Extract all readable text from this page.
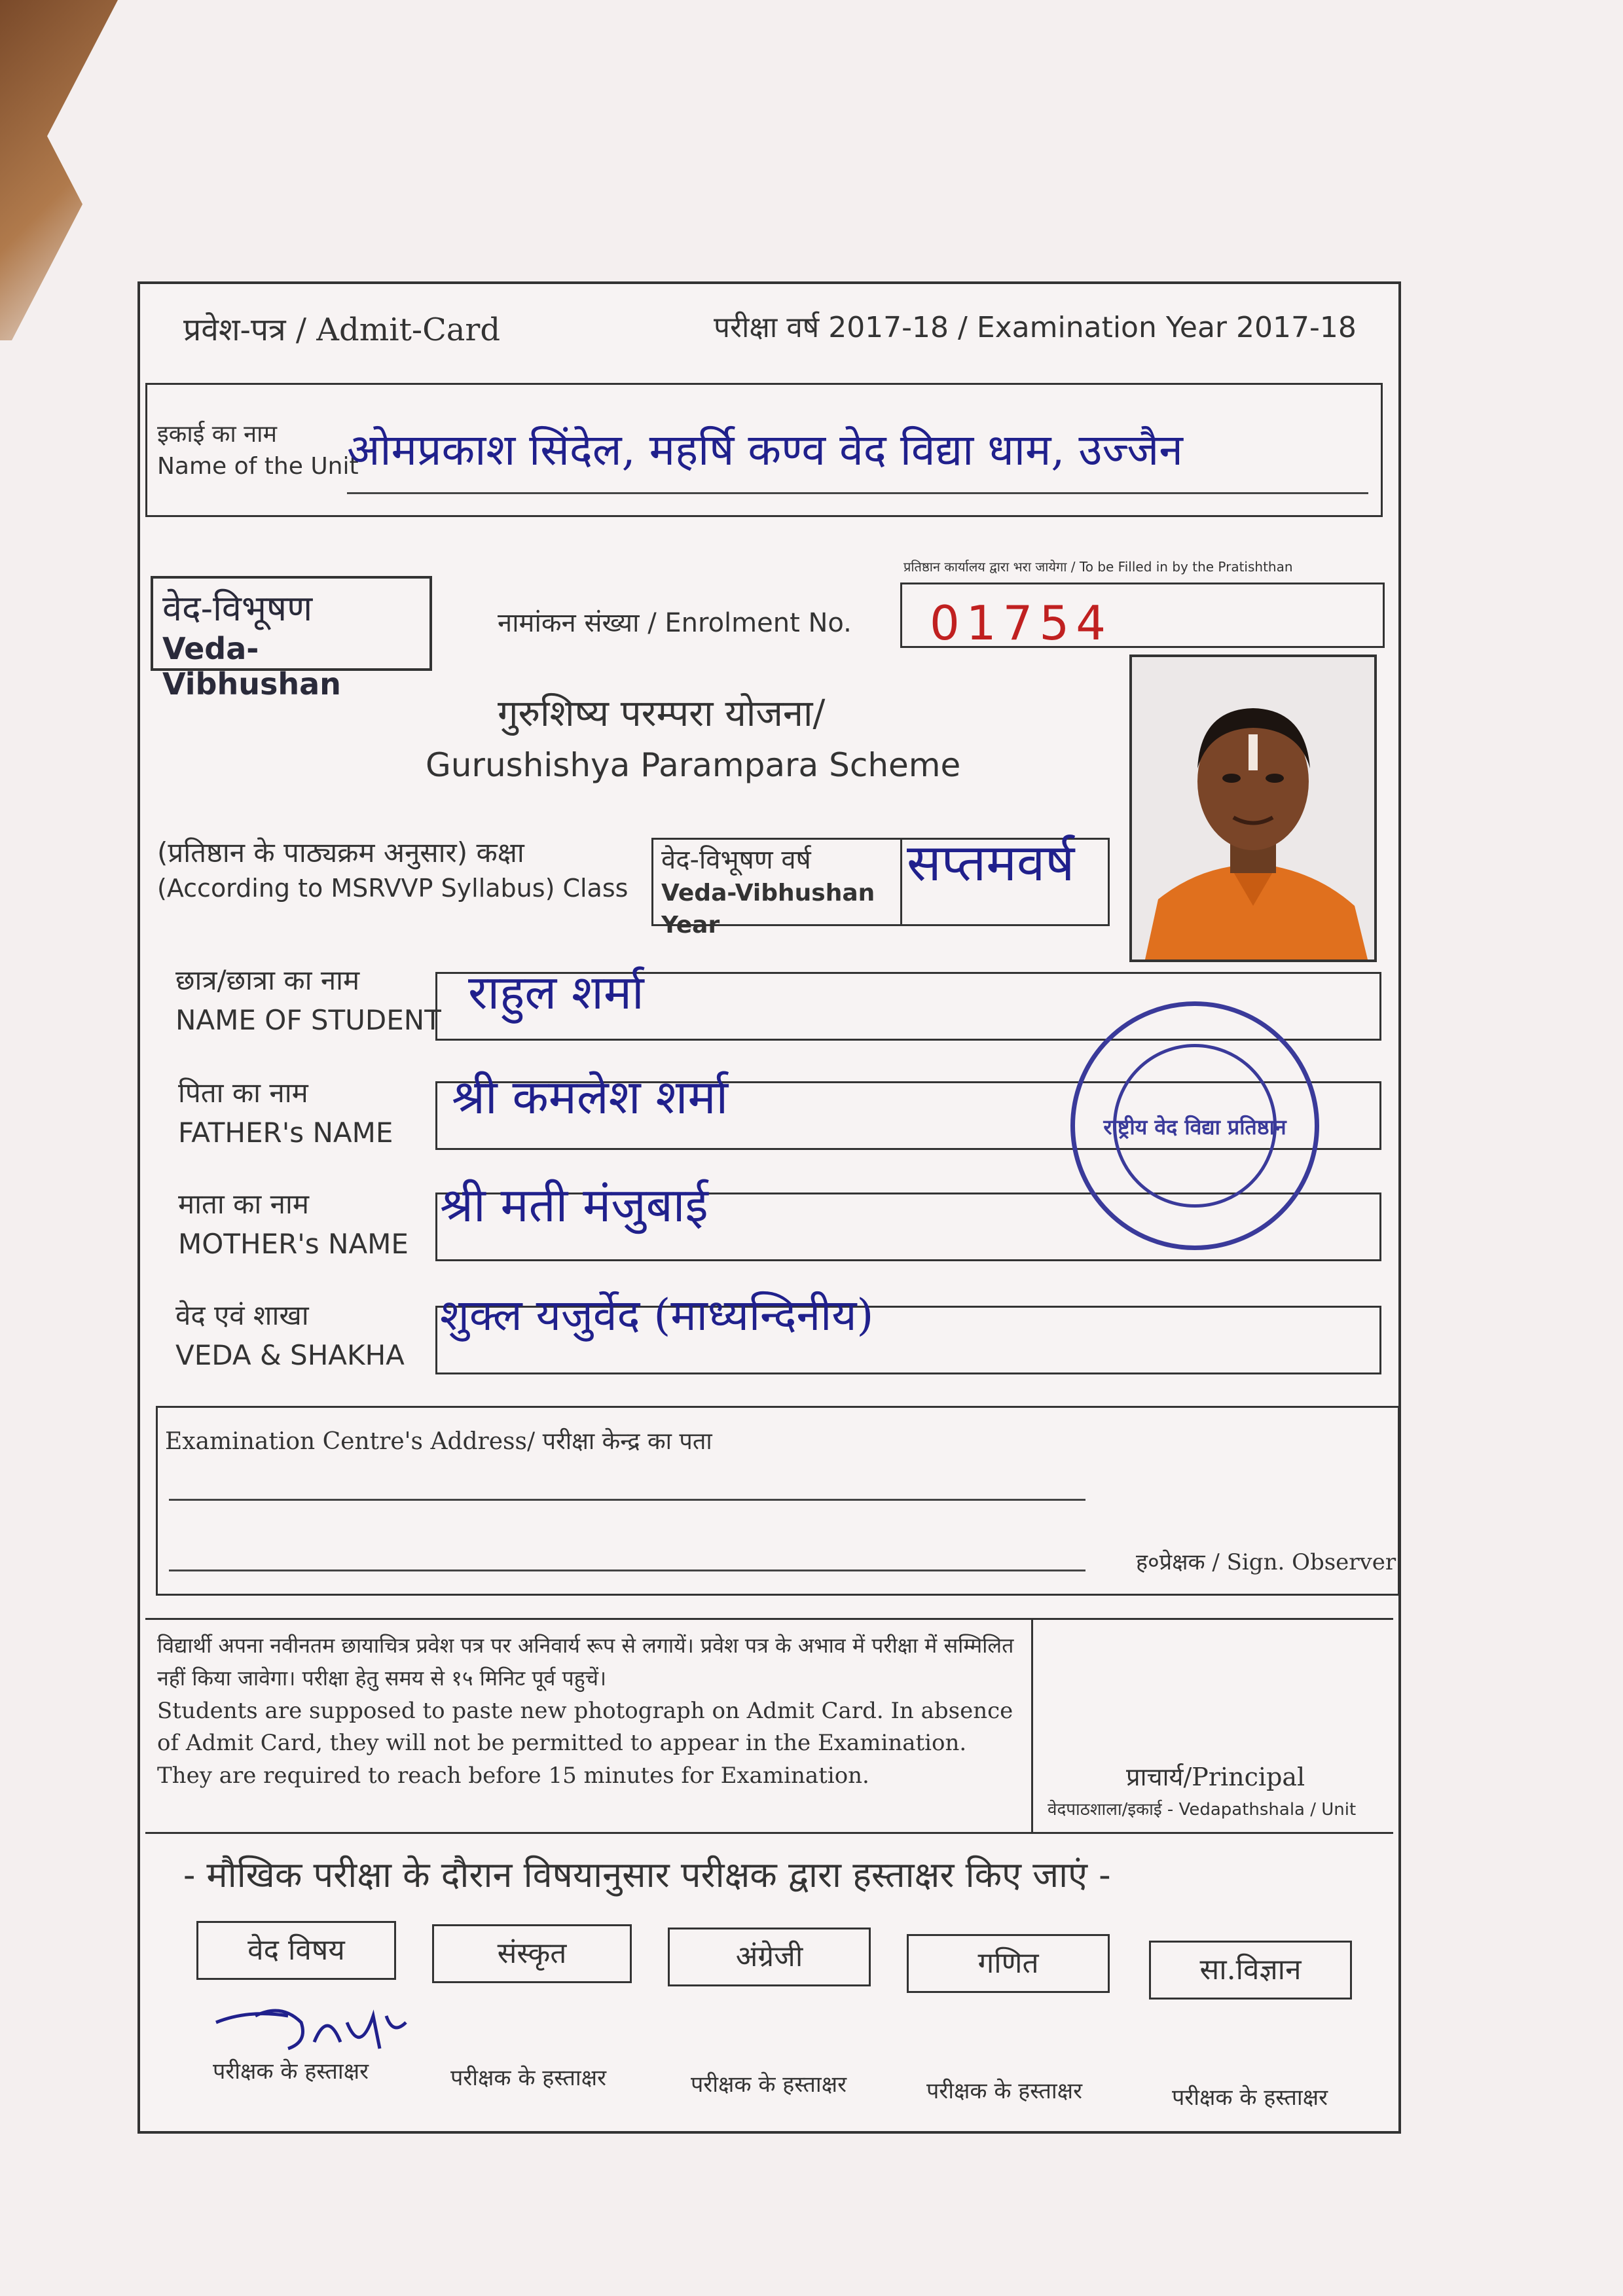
प्रवेश-पत्र / Admit-Card	परीक्षा वर्ष 2017-18 / Examination Year 2017-18
इकाई का नाम
Name of the Unit
ओमप्रकाश सिंदेल, महर्षि कण्व वेद विद्या धाम, उज्जैन
वेद-विभूषण
Veda-Vibhushan
प्रतिष्ठान कार्यालय द्वारा भरा जायेगा / To be Filled in by the Pratishthan
नामांकन संख्या / Enrolment No. 01754
गुरुशिष्य परम्परा योजना/
Gurushishya Parampara Scheme
(प्रतिष्ठान के पाठ्यक्रम अनुसार) कक्षा
(According to MSRVVP Syllabus) Class
वेद-विभूषण वर्ष
Veda-Vibhushan Year
सप्तमवर्ष
छात्र/छात्रा का नाम
NAME OF STUDENT
राहुल शर्मा
पिता का नाम
FATHER's NAME
श्री कमलेश शर्मा
माता का नाम
MOTHER's NAME
श्री मती मंजुबाई
वेद एवं शाखा
VEDA & SHAKHA
शुक्ल यजुर्वेद (माध्यन्दिनीय)
राष्ट्रीय वेद विद्या प्रतिष्ठान
Examination Centre's Address/ परीक्षा केन्द्र का पता
ह०प्रेक्षक / Sign. Observer
विद्यार्थी अपना नवीनतम छायाचित्र प्रवेश पत्र पर अनिवार्य रूप से लगायें। प्रवेश पत्र के अभाव में परीक्षा में सम्मिलित नहीं किया जावेगा। परीक्षा हेतु समय से १५ मिनिट पूर्व पहुचें।
Students are supposed to paste new photograph on Admit Card. In absence of Admit Card, they will not be permitted to appear in the Examination. They are required to reach before 15 minutes for Examination.	प्राचार्य/Principal
वेदपाठशाला/इकाई - Vedapathshala / Unit
- मौखिक परीक्षा के दौरान विषयानुसार परीक्षक द्वारा हस्ताक्षर किए जाएं -
वेद विषय	संस्कृत	अंग्रेजी	गणित	सा.विज्ञान
परीक्षक के हस्ताक्षर	परीक्षक के हस्ताक्षर	परीक्षक के हस्ताक्षर	परीक्षक के हस्ताक्षर	परीक्षक के हस्ताक्षर
